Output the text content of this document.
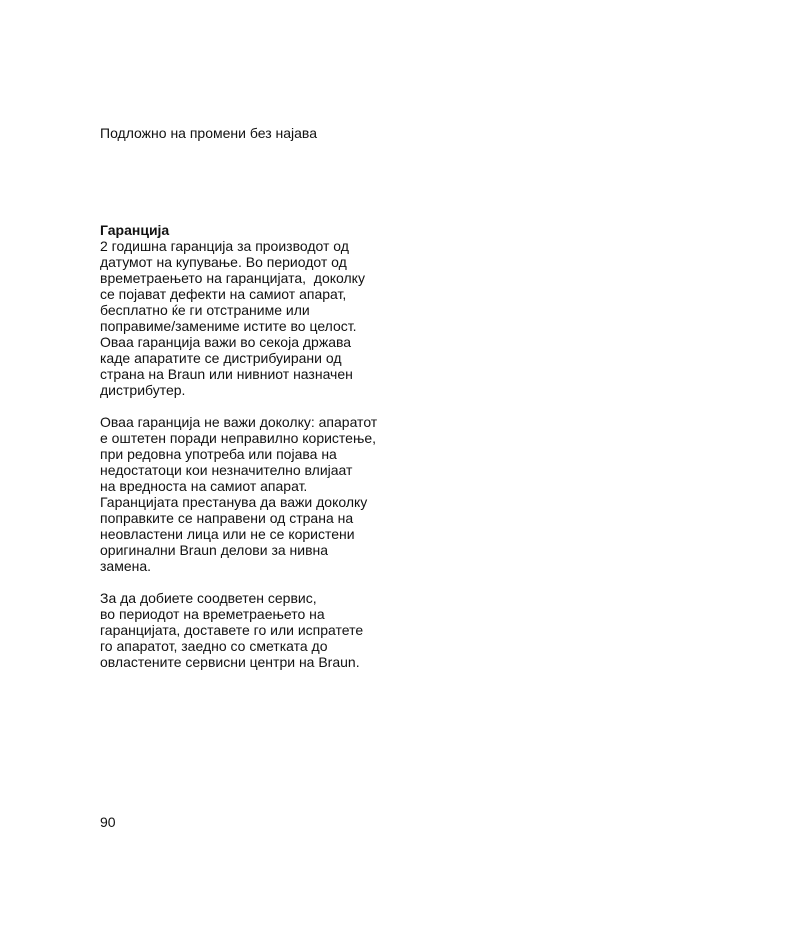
Подложно на промени без најава

Гаранција

2 годишна гаранција за производот од
датумот на купување. Во периодот од
времетраењето на гаранцијата,  доколку
се појават дефекти на самиот апарат,
бесплатно ќе ги отстраниме или
поправиме/замениме истите во целост.
Оваа гаранција важи во секоја држава
каде апаратите се дистрибуирани од
страна на Braun или нивниот назначен
дистрибутер.

Оваа гаранција не важи доколку: апаратот
е оштетен поради неправилно користење,
при редовна употреба или појава на
недостатоци кои незначително влијаат
на вредноста на самиот апарат.
Гаранцијата престанува да важи доколку
поправките се направени од страна на
неовластени лица или не се користени
оригинални Braun делови за нивна
замена.

За да добиете соодветен сервис,
во периодот на времетраењето на
гаранцијата, доставете го или испратете
го апаратот, заедно со сметката до
овластените сервисни центри на Braun.

90
